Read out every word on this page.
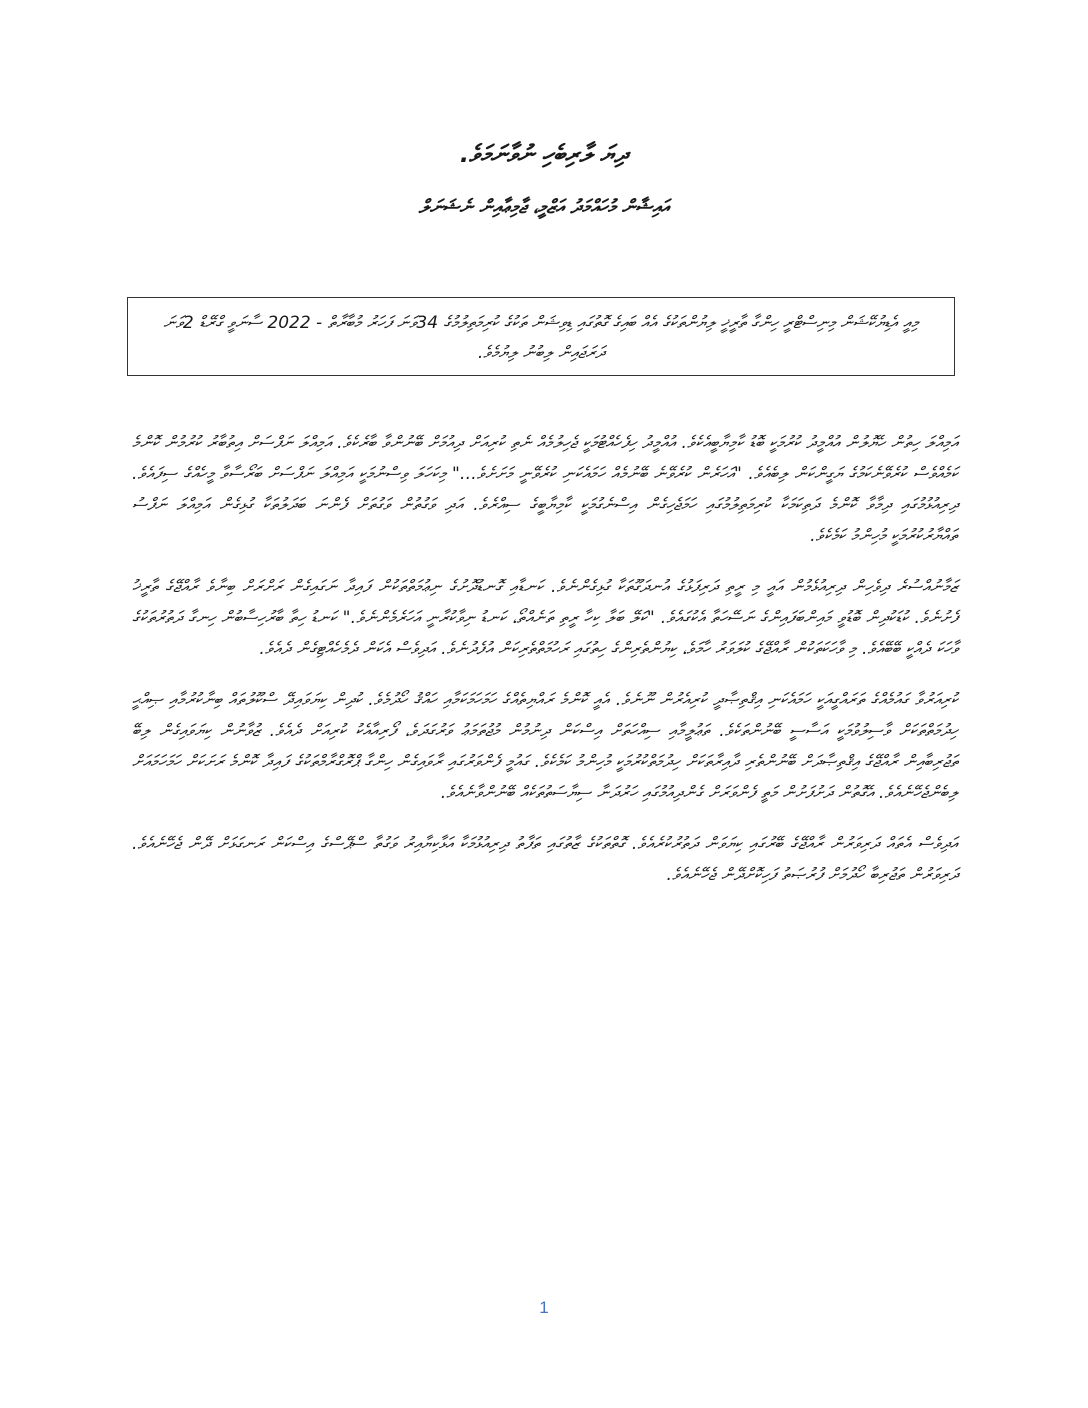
ދިޔަ ލާރިބެހި ނުވާނަމަވެ.
އައިޝާން މުހައްމަދު އަޒްމީ، ޖާމިޢާއިން ނެޝަނަލް
މިއީ އެޑިޔުކޭޝަން މިނިސްޓްރީ ހިންގާ ތާރީޚީ ލިޔުންތަކުގެ އެއް ބައިގެ ގޮތުގައި ޑިވިޝަން ތަކުގެ ކުރިމަތިލުމުގެ 34ވަނަ ފަހަރު މުބާރާތް - 2022 ސާނަވީ ގްރޭޑް 2ވަނަ ދަރަޖައިން ލިބުނު ލިޔުމެވެ.

އަމިއްލަ ހިތުން ހެޔޮލުން އުއްމީދު ކުރުމަކީ ބޮޑު ކާމިޔާބީއެކެވެ. އުއްމީދު ހިފެހެއްޓުމަކީ ޖެހިލުމެއް ނެތި ކުރިއަށް ދިއުމަށް ބޭނުންވާ ބާރެކެވެ. އަމިއްލަ ނަފްސަށް އިތުބާރު ކުރުމުން ކޮންމެ ކަމެއްވެސް ކުރެވޭނެކަމުގެ ޔަގީންކަން ލިބެއެވެ. "އަހަރެން ކުރެވޭނެ ބޭނުމެއް ހަމައެކަނި ކުރެވޭނީ މަށަށެވެ..." މިކަހަލަ ވިސްނުމަކީ އަމިއްލަ ނަފްސަށް ބަރޯސާވާ މީހެއްގެ ސިފައެވެ. ދިރިއުޅުމުގައި ދިމާވާ ކޮންމެ ދަތިކަމަކާ ކުރިމަތިލުމުގައި ހަމަޖެހިގެން އިސްނެގުމަކީ ކާމިޔާބީގެ ސިއްރެވެ. އަދި ވަގުތުން ވަގުތަށް ފެންނަ ބަދަލުތަކާ ގުޅިގެން އަމިއްލަ ނަފްސު ތައްޔާރުކުރުމަކީ މުހިންމު ކަމެކެވެ.

ޒަމާނުއްސުރެ ދިވެހިން ދިރިއުޅެމުން އައީ މި ރީތި ދަރިފަޅުގެ އުނދަގޫތަކާ ގުޅިގެންނެވެ. ކަނޑާއި ގޮނޑުދޮށުގެ ނިޢުމަތްތަކުން ފައިދާ ނަގައިގެން ރަށްރަށް ބިނާވެ ރާއްޖޭގެ ތާރީޚު ފެށުނެވެ. ކުޑަކުދިން ބޮޑުވީ މައިންބަފައިންގެ ނަސޭހަތާ އެކުގައެވެ. "ކަލޭ ބަލާ ކިހާ ރީތި ތަނެއްތޯ، ކަނޑު ނިވާކުރާނީ އަހަރެމެންނެވެ." ކަނޑު ހިތާ ބާރުހިސާބުން ހިނގާ ދަތުރުތަކުގެ ވާހަކަ ދެއްކީ ބޭބޭއެވެ. މި ވާހަކަތަކުން ރާއްޖޭގެ ކުލަވަރު ހާމަވެ، ކިޔުންތެރިންގެ ހިތުގައި ރަހުމަތްތެރިކަން އުފެދުނެވެ. އަދިވެސް އެކަން ދެމެހެއްޓިގެން ދެއެވެ.

ކުރިއަރުވާ ގައުމެއްގެ ތަރައްގީއަކީ ހަމައެކަނި އިޤްތިޞާދީ ކުރިއެރުން ނޫނެވެ. އެއީ ކޮންމެ ރައްޔިތެއްގެ ހަމަހަމަކަމާއި ހައްޤު ހޯދުމެވެ. ކުދިން ކިޔަވައިދޭ ސްކޫލުތައް ބިނާކުރުމާއި ޞިއްޙީ ހިދުމަތްތަކަށް ވާސިލުވުމަކީ އަސާސީ ބޭނުންތަކެވެ. ތަޢުލީމާއި ސިއްހަތަށް އިސްކަން ދިނުމުން މުޖުތަމަޢު ވަރުގަދަވެ، ފޯރިއާއެކު ކުރިއަށް ދެއެވެ. ޒުވާނުން ކިޔަވައިގެން ލިބޭ ތަޖުރިބާއިން ރާއްޖޭގެ އިޤްތިޞާދަށް ބޭނުންތެރި ދާއިރާތަކަށް ހިދުމަތްކުރުމަކީ މުހިންމު ކަމެކެވެ. ގައުމީ ފެންވަރުގައި ރާވައިގެން ހިންގާ ޕްރޮގްރާމްތަކުގެ ފައިދާ ކޮންމެ ރަށަކަށް ހަމަހަމައަށް ލިބެންޖެހޭނެއެވެ. އެގޮތުން ދަށުފަށުން މަތީ ފެންވަރަށް ގެންދިއުމުގައި ހަރުދަނާ ސިޔާސަތުތަކެއް ބޭނުންވާނެއެވެ.

އަދިވެސް އެތައް ދަރިވަރުން ރާއްޖޭގެ ބޭރުގައި ކިޔަވަން ދަތުރުކުރެއެވެ. ގޮތްތަކުގެ ޒާތުގައި ތަފާތު ދިރިއުޅުމަކާ އަޅާކިޔާއިރު ވަގުތާ ސްޕޭސްގެ އިސްކަން ރަނގަޅަށް ދޭން ޖެހޭނެއެވެ. ދަރިވަރުން ތަޖުރިބާ ހޯދުމަށް ފުރުޞަތު ފަހިކޮށްދޭން ޖެހޭނެއެވެ.

1
